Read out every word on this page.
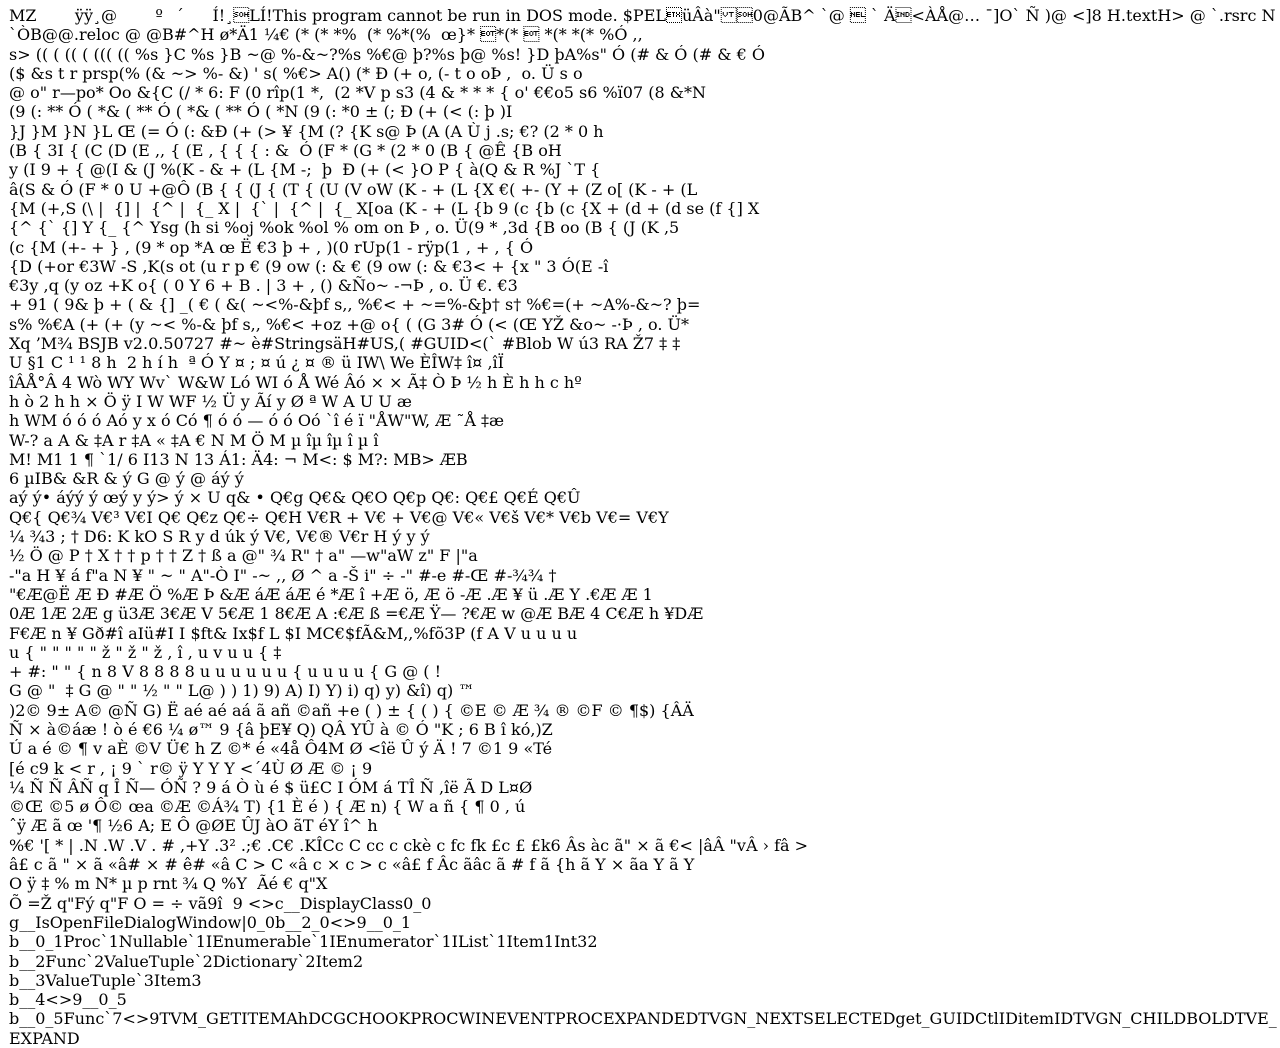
MZÿÿ¸@º´	Í!¸LÍ!This program cannot be run in DOS mode. $PELüÂà"0@ÃB^ `@  ` Ä<ÀÅ@… ¯]O` Ñ )@ <]8 H.textH> @ `.rsrc N`ÒB@@.reloc @ @B#^H ø*Ä1 ¼€ (* (* *%  (* %*(%  œ}* *(*  *(* *(* %Ó ,,
s> (( ( (( ( ((( (( %s }C %s }B ~@ %-&~?%s %€@ þ?%s þ@ %s! }D þA%s" Ó (# & Ó (# & € Ó
($ &s t r prsp(% (& ~> %- &) ' s( %€> A() (* Ð (+ o, (- t o oÞ ,  o. Ü s o
@ o" r—po* Oo &{C (/ * 6: F (0 rîp(1 *,  (2 *V p s3 (4 & * * * { o' €€o5 s6 %ï07 (8 &*N
(9 (: ** Ó ( *& ( ** Ó ( *& ( ** Ó ( *N (9 (: *0 ± (; Ð (+ (< (: þ )I
}J }M }N }L Œ (= Ó (: &Ð (+ (> ¥ {M (? {K s@ Þ (A (A Ù j .s; €? (2 * 0 h
(B { 3I { (C (D (E ,, { (E , { { { : &  Ó (F * (G * (2 * 0 (B { @Ê {B oH
y (I 9 + { @(I & (J %(K - & + (L {M -;  þ  Ð (+ (< }O P { à(Q & R %J `T {
â(S & Ó (F * 0 U +@Ô (B { { (J { (T { (U (V oW (K - + (L {X €( +- (Y + (Z o[ (K - + (L
{M (+,S (\ |  {] |  {^ |  {_ X |  {` |  {^ |  {_ X[oa (K - + (L {b 9 (c {b (c {X + (d + (d se (f {] X
{^ {` {] Y {_ {^ Ysg (h si %oj %ok %ol % om on Þ , o. Ü(9 * ,3d {B oo (B { (J (K ,5
(c {M (+- + } , (9 * op *A œ Ë €3 þ + , )(0 rUp(1 - rÿp(1 , + , { Ó
{D (+or €3W -S ,K(s ot (u r p € (9 ow (: & € (9 ow (: & €3< + {x " 3 Ó(E -î
€3y ,q (y oz +K o{ ( 0 Y 6 + B . | 3 + , () &Ño~ -¬Þ , o. Ü €. €3
+ 91 ( 9& þ + ( & {] _( € ( &( ~<%-&þf s,, %€< + ~=%-&þ† s† %€=(+ ~A%-&~? þ=
s% %€A (+ (+ (y ~< %-& þf s,, %€< +oz +@ o{ ( (G 3# Ó (< (Œ YŽ &o~ -·Þ , o. Ü*
Xq ’M¾ BSJB v2.0.50727 #~ è#StringsäH#US,( #GUID<(` #Blob W ú3 RA Ž7 ‡ ‡
U §1 C ¹ ¹ 8 h  2 h í h  ª Ó Y ¤ ; ¤ ú ¿ ¤ ® ü IW\ We ÈÎW‡ î¤ ,îÏ
îÂÅ°Â 4 Wò WY Wv` W&W Ló WI ó Å Wé Âó × × Ã‡ Ò Þ ½ h È h h c hº
h ò 2 h h × Ö ÿ I W WF ½ Ü y Ãí y Ø ª W A U U æ
h WM ó ó ó Aó y x ó Có ¶ ó ó — ó ó Oó `î é ï "ÅW"W, Æ ˜Å ‡æ
W-? a A & ‡A r ‡A « ‡A € N M Ö M µ îµ îµ î µ î
M! M1 1 ¶ `1/ 6 I13 N 13 Á1: Ä4: ¬ M<: $ M?: MB> ÆB
6 µIB& &R & ý G @ ý @ áý ý
aý ý• áýý ý œý y ý> ý × U q& • Q€g Q€& Q€O Q€p Q€: Q€£ Q€É Q€Û
Q€{ Q€¾ V€³ V€I Q€ Q€z Q€÷ Q€H V€R + V€ + V€@ V€« V€š V€* V€b V€= V€Y
¼ ¾3 ; † D6: K kO S R y d úk ý V€, V€® V€r H ý y ý
½ Ö @ P † X † † p † † Z † ß a @" ¾ R" † a" —w"aW z" F |"a
-"a H ¥ á f"a N ¥ " ~ " A"-Ò I" -~ ,, Ø ^ a -Š i" ÷ -" #-e #-Œ #-¾¾ †
"€Æ@Ë Æ Ð #Æ Ö %Æ Þ &Æ áÆ áÆ é *Æ î +Æ ö, Æ ö -Æ .Æ ¥ ü .Æ Y .€Æ Æ 1
0Æ 1Æ 2Æ g ü3Æ 3€Æ V 5€Æ 1 8€Æ A :€Æ ß =€Æ Ÿ— ?€Æ w @Æ BÆ 4 C€Æ h ¥DÆ
F€Æ n ¥ Gð#î aIü#I I $ft& Ix$f L $I MC€$fÃ&M,,%fõ3P (f A V u u u u
u { " " " " " ž " ž " ž , î , u v u u { ‡
+ #: " " { n 8 V 8 8 8 8 u u u u u u { u u u u { G @ ( !
G @ "  ‡ G @ " " ½ " " L@ ) ) 1) 9) A) I) Y) i) q) y) &î) q) ™
)2© 9± A© @Ñ G) Ë aé aé aá ã añ ©añ +e ( ) ± { ( ) { ©E © Æ ¾ ® ©F © ¶$) {ÂÄ
Ñ × à©áæ ! ò é €6 ¼ ø™ 9 {â þE¥ Q) QÂ YÛ à © Ó "K ; 6 B î kó,)Z
Ú a é © ¶ v aÈ ©V Ü€ h Z ©* é «4å Ô4M Ø <îë Û ý Ä ! 7 ©1 9 «Té
[é c9 k < r , ¡ 9 ` r© ÿ Y Y Y <´4Ù Ø Æ © ¡ 9
¼ Ñ Ñ ÂÑ q Î Ñ— ÓÑ ? 9 á Ò ù é $ ü£C I ÓM á TÎ Ñ ,îë Ã D L¤Ø
©Œ ©5 ø Ô© œa ©Æ ©Á¾ T) {1 È é ) { Æ n) { W a ñ { ¶ 0 , ú
ˆÿ Æ ã œ '¶ ½6 A; E Ô @ØE ÛJ àO ãT éY î^ h
%€ '[ * | .N .W .V . # ,+Y .3² .;€ .C€ .KÎCc C cc c ckè c fc fk £c £ £k6 Âs àc ã" × ã €< |âÂ "vÂ › fâ >
â£ c ã " × ã «â# × # ê# «â C > C «â c × c > c «â£ f Âc ãâc ã # f ã {h ã Y × ãa Y ã Y
O ÿ ‡ % m N* µ p rnt ¾ Q %Y  Ãé € q"X
Õ =Ž q"Fý q"F O = ÷ vã9î  9 <>c__DisplayClass0_0
g__IsOpenFileDialogWindow|0_0b__2_0<>9__0_1
b__0_1Proc`1Nullable`1IEnumerable`1IEnumerator`1IList`1Item1Int32
b__2Func`2ValueTuple`2Dictionary`2Item2
b__3ValueTuple`3Item3
b__4<>9__0_5
b__0_5Func`7<>9TVM_GETITEMAhDCGCHOOKPROCWINEVENTPROCEXPANDEDTVGN_NEXTSELECTEDget_GUIDCtlIDitemIDTVGN_CHILDBOLDTVE_EXPAND
